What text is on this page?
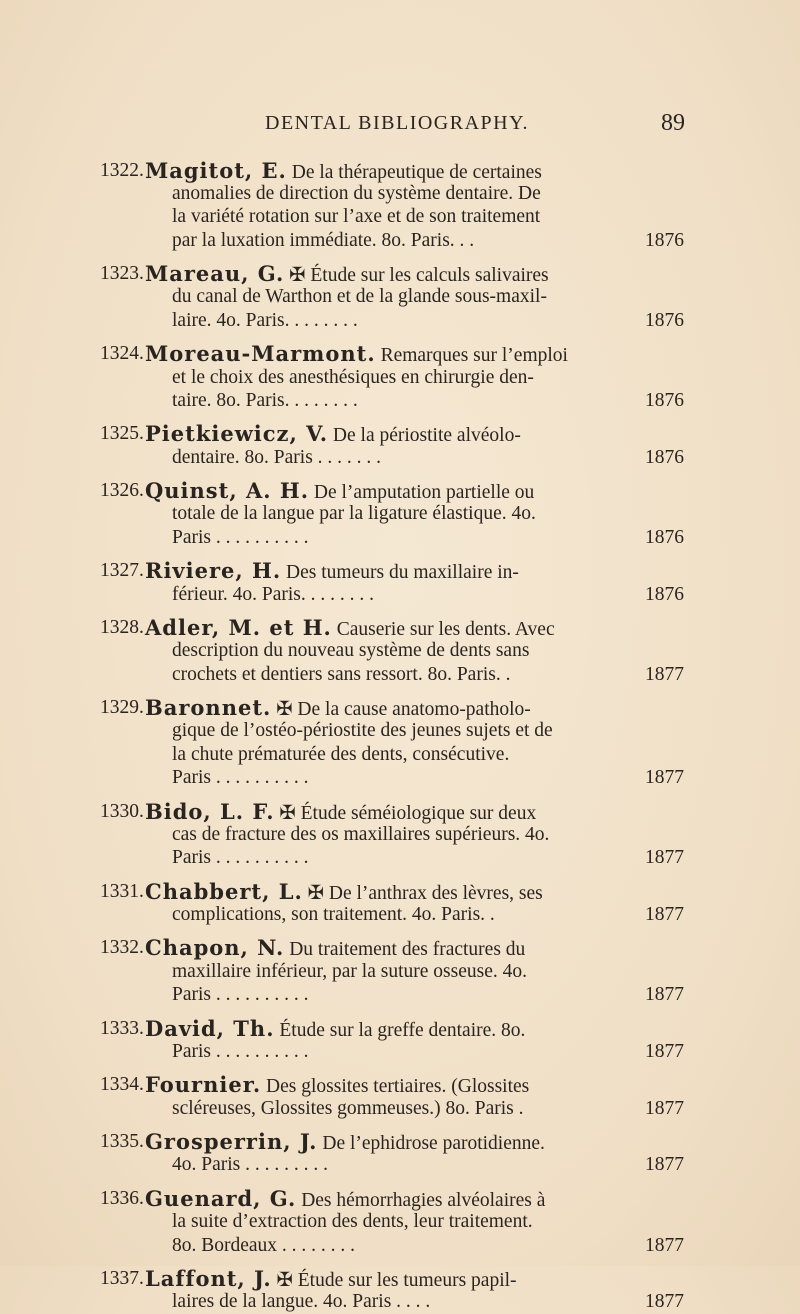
DENTAL BIBLIOGRAPHY.	89
1322. Magitot, E. De la thérapeutique de certaines
anomalies de direction du système dentaire. De
la variété rotation sur l’axe et de son traitement
par la luxation immédiate. 8o. Paris. . .	1876
1323. Mareau, G. ✠ Étude sur les calculs salivaires
du canal de Warthon et de la glande sous-maxil-
laire. 4o. Paris. . . . . . . .	1876
1324. Moreau-Marmont. Remarques sur l’emploi
et le choix des anesthésiques en chirurgie den-
taire. 8o. Paris. . . . . . . .	1876
1325. Pietkiewicz, V. De la périostite alvéolo-
dentaire. 8o. Paris . . . . . . .	1876
1326. Quinst, A. H. De l’amputation partielle ou
totale de la langue par la ligature élastique. 4o.
Paris . . . . . . . . . .	1876
1327. Riviere, H. Des tumeurs du maxillaire in-
férieur. 4o. Paris. . . . . . . .	1876
1328. Adler, M. et H. Causerie sur les dents. Avec
description du nouveau système de dents sans
crochets et dentiers sans ressort. 8o. Paris. .	1877
1329. Baronnet. ✠ De la cause anatomo-patholo-
gique de l’ostéo-périostite des jeunes sujets et de
la chute prématurée des dents, consécutive.
Paris . . . . . . . . . .	1877
1330. Bido, L. F. ✠ Étude séméiologique sur deux
cas de fracture des os maxillaires supérieurs. 4o.
Paris . . . . . . . . . .	1877
1331. Chabbert, L. ✠ De l’anthrax des lèvres, ses
complications, son traitement. 4o. Paris. .	1877
1332. Chapon, N. Du traitement des fractures du
maxillaire inférieur, par la suture osseuse. 4o.
Paris . . . . . . . . . .	1877
1333. David, Th. Étude sur la greffe dentaire. 8o.
Paris . . . . . . . . . .	1877
1334. Fournier. Des glossites tertiaires. (Glossites
scléreuses, Glossites gommeuses.) 8o. Paris .	1877
1335. Grosperrin, J. De l’ephidrose parotidienne.
4o. Paris . . . . . . . . .	1877
1336. Guenard, G. Des hémorrhagies alvéolaires à
la suite d’extraction des dents, leur traitement.
8o. Bordeaux . . . . . . . .	1877
1337. Laffont, J. ✠ Étude sur les tumeurs papil-
laires de la langue. 4o. Paris . . . .	1877
